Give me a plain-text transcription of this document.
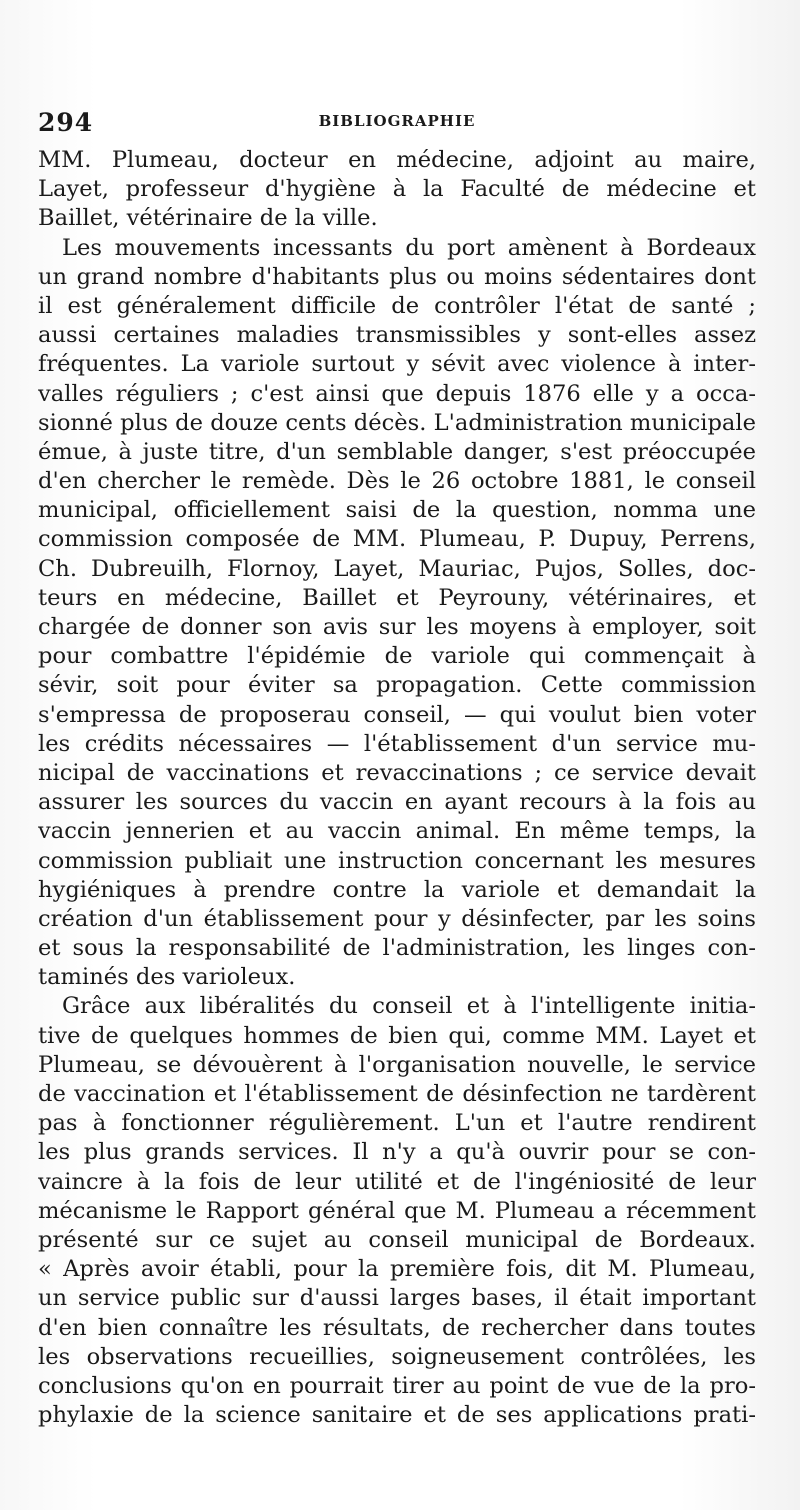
294	BIBLIOGRAPHIE
MM. Plumeau, docteur en médecine, adjoint au maire,
Layet, professeur d'hygiène à la Faculté de médecine et
Baillet, vétérinaire de la ville.
Les mouvements incessants du port amènent à Bordeaux
un grand nombre d'habitants plus ou moins sédentaires dont
il est généralement difficile de contrôler l'état de santé ;
aussi certaines maladies transmissibles y sont-elles assez
fréquentes. La variole surtout y sévit avec violence à inter-
valles réguliers ; c'est ainsi que depuis 1876 elle y a occa-
sionné plus de douze cents décès. L'administration municipale
émue, à juste titre, d'un semblable danger, s'est préoccupée
d'en chercher le remède. Dès le 26 octobre 1881, le conseil
municipal, officiellement saisi de la question, nomma une
commission composée de MM. Plumeau, P. Dupuy, Perrens,
Ch. Dubreuilh, Flornoy, Layet, Mauriac, Pujos, Solles, doc-
teurs en médecine, Baillet et Peyrouny, vétérinaires, et
chargée de donner son avis sur les moyens à employer, soit
pour combattre l'épidémie de variole qui commençait à
sévir, soit pour éviter sa propagation. Cette commission
s'empressa de proposerau conseil, — qui voulut bien voter
les crédits nécessaires — l'établissement d'un service mu-
nicipal de vaccinations et revaccinations ; ce service devait
assurer les sources du vaccin en ayant recours à la fois au
vaccin jennerien et au vaccin animal. En même temps, la
commission publiait une instruction concernant les mesures
hygiéniques à prendre contre la variole et demandait la
création d'un établissement pour y désinfecter, par les soins
et sous la responsabilité de l'administration, les linges con-
taminés des varioleux.
Grâce aux libéralités du conseil et à l'intelligente initia-
tive de quelques hommes de bien qui, comme MM. Layet et
Plumeau, se dévouèrent à l'organisation nouvelle, le service
de vaccination et l'établissement de désinfection ne tardèrent
pas à fonctionner régulièrement. L'un et l'autre rendirent
les plus grands services. Il n'y a qu'à ouvrir pour se con-
vaincre à la fois de leur utilité et de l'ingéniosité de leur
mécanisme le Rapport général que M. Plumeau a récemment
présenté sur ce sujet au conseil municipal de Bordeaux.
« Après avoir établi, pour la première fois, dit M. Plumeau,
un service public sur d'aussi larges bases, il était important
d'en bien connaître les résultats, de rechercher dans toutes
les observations recueillies, soigneusement contrôlées, les
conclusions qu'on en pourrait tirer au point de vue de la pro-
phylaxie de la science sanitaire et de ses applications prati-
